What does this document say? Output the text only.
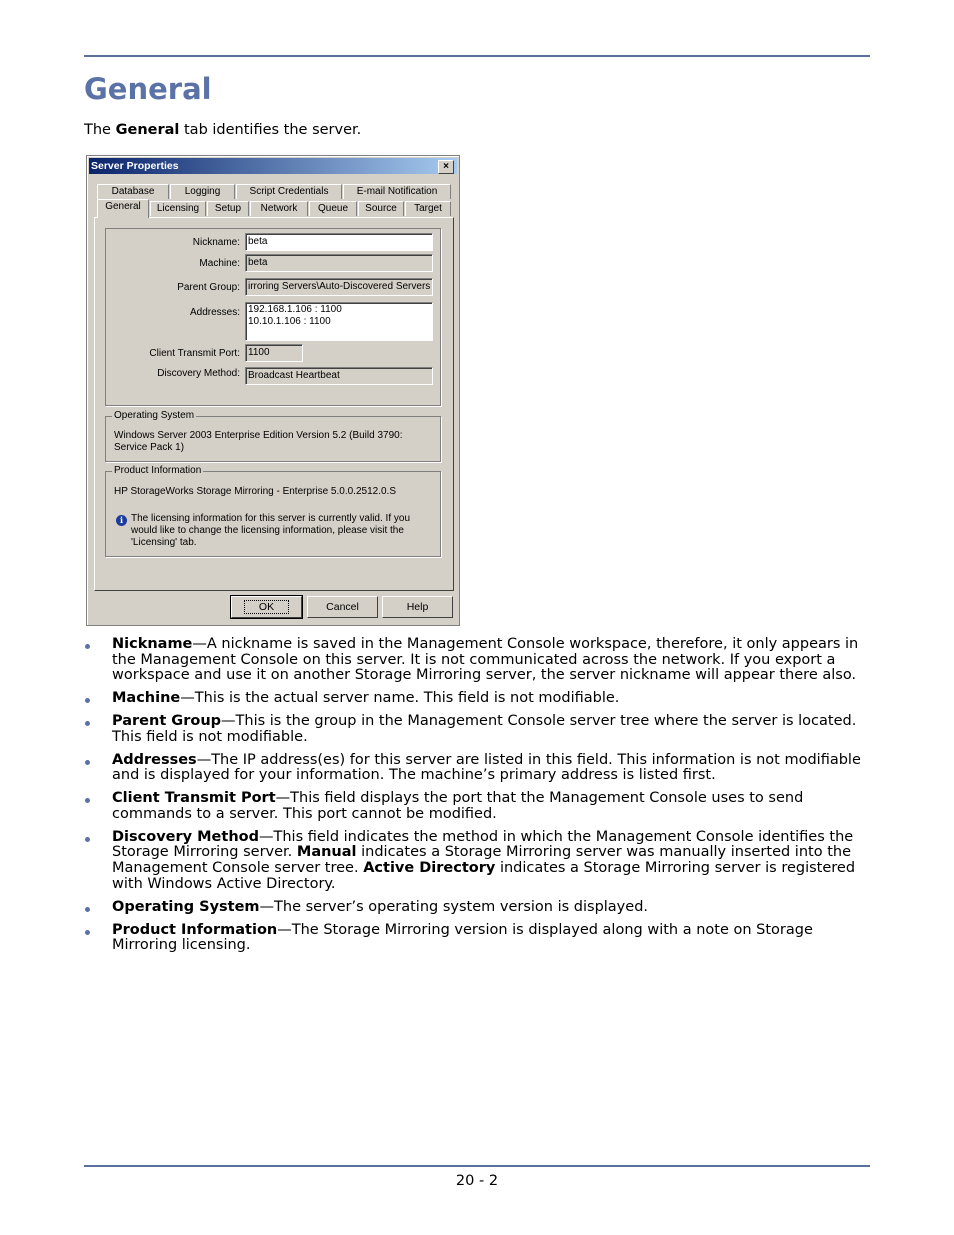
General

The General tab identifies the server.

Server Properties	×
Database	Logging	Script Credentials	E-mail Notification
General	Licensing	Setup	Network	Queue	Source	Target
Nickname: beta
Machine: beta
Parent Group: irroring Servers\Auto-Discovered Servers
Addresses: 192.168.1.106 : 1100
10.10.1.106 : 1100
Client Transmit Port: 1100
Discovery Method: Broadcast Heartbeat
Operating System
Windows Server 2003 Enterprise Edition Version 5.2 (Build 3790:
Service Pack 1)
Product Information
HP StorageWorks Storage Mirroring - Enterprise 5.0.0.2512.0.S
i The licensing information for this server is currently valid. If you
would like to change the licensing information, please visit the
'Licensing' tab.
OK	Cancel	Help
Nickname—A nickname is saved in the Management Console workspace, therefore, it only appears in the Management Console on this server. It is not communicated across the network. If you export a workspace and use it on another Storage Mirroring server, the server nickname will appear there also.
Machine—This is the actual server name. This field is not modifiable.
Parent Group—This is the group in the Management Console server tree where the server is located. This field is not modifiable.
Addresses—The IP address(es) for this server are listed in this field. This information is not modifiable and is displayed for your information. The machine’s primary address is listed first.
Client Transmit Port—This field displays the port that the Management Console uses to send commands to a server. This port cannot be modified.
Discovery Method—This field indicates the method in which the Management Console identifies the Storage Mirroring server. Manual indicates a Storage Mirroring server was manually inserted into the Management Console server tree. Active Directory indicates a Storage Mirroring server is registered with Windows Active Directory.
Operating System—The server’s operating system version is displayed.
Product Information—The Storage Mirroring version is displayed along with a note on Storage Mirroring licensing.
20 - 2
